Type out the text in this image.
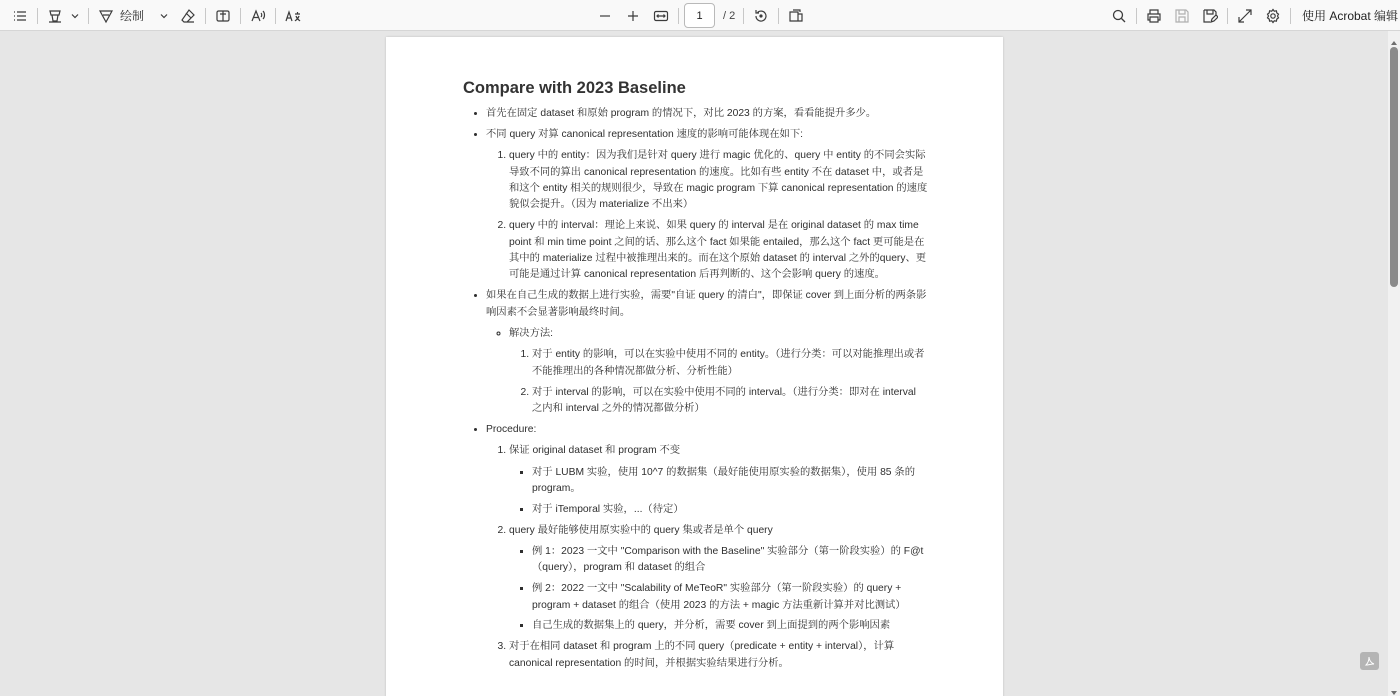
绘制
1	/ 2	使用 Acrobat 编辑
Compare with 2023 Baseline
• 首先在固定 dataset 和原始 program 的情况下，对比 2023 的方案，看看能提升多少。
• 不同 query 对算 canonical representation 速度的影响可能体现在如下:
1. query 中的 entity：因为我们是针对 query 进行 magic 优化的、query 中 entity 的不同会实际导致不同的算出 canonical representation 的速度。比如有些 entity 不在 dataset 中，或者是和这个 entity 相关的规则很少，导致在 magic program 下算 canonical representation 的速度貌似会提升。（因为 materialize 不出来）
2. query 中的 interval：理论上来说、如果 query 的 interval 是在 original dataset 的 max time point 和 min time point 之间的话、那么这个 fact 如果能 entailed，那么这个 fact 更可能是在其中的 materialize 过程中被推理出来的。而在这个原始 dataset 的 interval 之外的query、更可能是通过计算 canonical representation 后再判断的、这个会影响 query 的速度。
• 如果在自己生成的数据上进行实验，需要"自证 query 的清白"，即保证 cover 到上面分析的两条影响因素不会显著影响最终时间。
◦ 解决方法:
1. 对于 entity 的影响，可以在实验中使用不同的 entity。（进行分类：可以对能推理出或者不能推理出的各种情况都做分析、分析性能）
2. 对于 interval 的影响，可以在实验中使用不同的 interval。（进行分类：即对在 interval 之内和 interval 之外的情况都做分析）
• Procedure:
1. 保证 original dataset 和 program 不变
▪ 对于 LUBM 实验，使用 10^7 的数据集（最好能使用原实验的数据集），使用 85 条的 program。
▪ 对于 iTemporal 实验，...（待定）
2. query 最好能够使用原实验中的 query 集或者是单个 query
▪ 例 1：2023 一文中 "Comparison with the Baseline" 实验部分（第一阶段实验）的 F@t（query），program 和 dataset 的组合
▪ 例 2：2022 一文中 "Scalability of MeTeoR" 实验部分（第一阶段实验）的 query + program + dataset 的组合（使用 2023 的方法 + magic 方法重新计算并对比测试）
▪ 自己生成的数据集上的 query，并分析，需要 cover 到上面提到的两个影响因素
3. 对于在相同 dataset 和 program 上的不同 query（predicate + entity + interval），计算 canonical representation 的时间，并根据实验结果进行分析。
